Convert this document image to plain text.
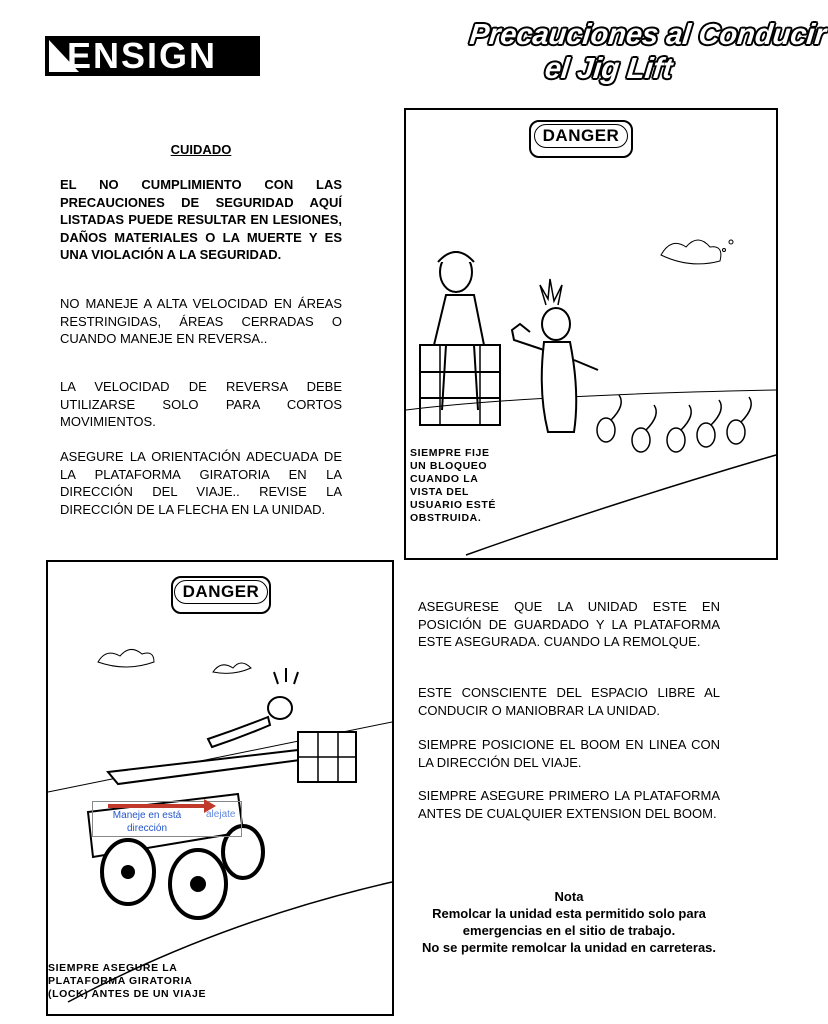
ENSIGN	Precauciones al Conducir
el Jig Lift
CUIDADO
EL NO CUMPLIMIENTO CON LAS PRECAUCIONES DE SEGURIDAD AQUÍ LISTADAS PUEDE RESULTAR EN LESIONES, DAÑOS MATERIALES O LA MUERTE Y ES UNA VIOLACIÓN A LA SEGURIDAD.
NO MANEJE A ALTA VELOCIDAD EN ÁREAS RESTRINGIDAS, ÁREAS CERRADAS O CUANDO MANEJE EN REVERSA..
LA VELOCIDAD DE REVERSA DEBE UTILIZARSE SOLO PARA CORTOS MOVIMIENTOS.
ASEGURE LA ORIENTACIÓN ADECUADA DE LA PLATAFORMA GIRATORIA EN LA DIRECCIÓN DEL VIAJE.. REVISE LA DIRECCIÓN DE LA FLECHA EN LA UNIDAD.
DANGER
SIEMPRE FIJE UN BLOQUEO CUANDO LA VISTA DEL USUARIO ESTÉ OBSTRUIDA.
DANGER
Maneje en está dirección
alejate
SIEMPRE ASEGURE LA PLATAFORMA GIRATORIA (LOCK) ANTES DE UN VIAJE
ASEGURESE QUE LA UNIDAD ESTE EN POSICIÓN DE GUARDADO Y LA PLATAFORMA ESTE ASEGURADA. CUANDO LA REMOLQUE.
ESTE CONSCIENTE DEL ESPACIO LIBRE AL CONDUCIR O MANIOBRAR LA UNIDAD.
SIEMPRE POSICIONE EL BOOM EN LINEA CON LA DIRECCIÓN DEL VIAJE.
SIEMPRE ASEGURE PRIMERO LA PLATAFORMA ANTES DE CUALQUIER EXTENSION DEL BOOM.
Nota
Remolcar la unidad esta permitido solo para emergencias en el sitio de trabajo.
No se permite remolcar la unidad en carreteras.
